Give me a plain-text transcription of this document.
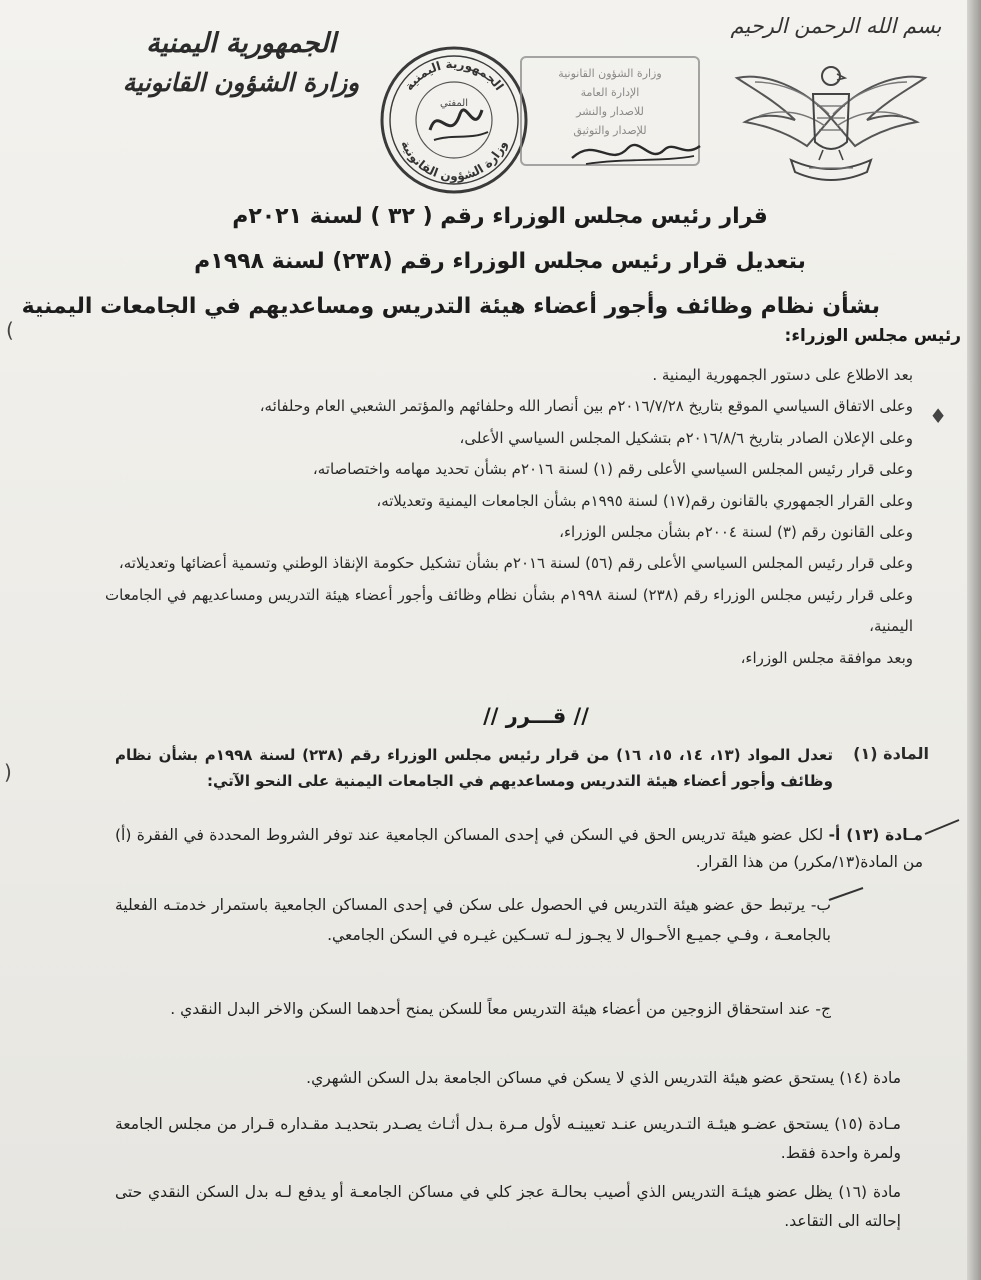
)
♦
(
بسم الله الرحمن الرحيم
الجمهورية اليمنية
وزارة الشؤون القانونية	الجمهورية اليمنية
وزارة الشؤون القانونية
المفتي
وزارة الشؤون القانونية
الإدارة العامة
للاصدار والنشر
للإصدار والتوثيق
قرار رئيس مجلس الوزراء رقم ( ٣٢ ) لسنة ٢٠٢١م
بتعديل قرار رئيس مجلس الوزراء رقم (٢٣٨) لسنة ١٩٩٨م
بشأن نظام وظائف وأجور أعضاء هيئة التدريس ومساعديهم في الجامعات اليمنية
رئيس مجلس الوزراء:

بعد الاطلاع على دستور الجمهورية اليمنية .

وعلى الاتفاق السياسي الموقع بتاريخ ٢٠١٦/٧/٢٨م بين أنصار الله وحلفائهم والمؤتمر الشعبي العام وحلفائه،

وعلى الإعلان الصادر بتاريخ ٢٠١٦/٨/٦م بتشكيل المجلس السياسي الأعلى،

وعلى قرار رئيس المجلس السياسي الأعلى رقم (١) لسنة ٢٠١٦م بشأن تحديد مهامه واختصاصاته،

وعلى القرار الجمهوري بالقانون رقم(١٧) لسنة ١٩٩٥م بشأن الجامعات اليمنية وتعديلاته،

وعلى القانون رقم (٣) لسنة ٢٠٠٤م بشأن مجلس الوزراء،

وعلى قرار رئيس المجلس السياسي الأعلى رقم (٥٦) لسنة ٢٠١٦م بشأن تشكيل حكومة الإنقاذ الوطني وتسمية أعضائها وتعديلاته،

وعلى قرار رئيس مجلس الوزراء رقم (٢٣٨) لسنة ١٩٩٨م بشأن نظام وظائف وأجور أعضاء هيئة التدريس ومساعديهم في الجامعات اليمنية،

وبعد موافقة مجلس الوزراء،

// قـــرر //
المادة (١)
تعدل المواد (١٣، ١٤، ١٥، ١٦) من قرار رئيس مجلس الوزراء رقم (٢٣٨) لسنة ١٩٩٨م بشأن نظام وظائف وأجور أعضاء هيئة التدريس ومساعديهم في الجامعات اليمنية على النحو الآتي:
مـادة (١٣) أ- لكل عضو هيئة تدريس الحق في السكن في إحدى المساكن الجامعية عند توفر الشروط المحددة في الفقرة (أ) من المادة(١٣/مكرر) من هذا القرار.
ب- يرتبط حق عضو هيئة التدريس في الحصول على سكن في إحدى المساكن الجامعية باستمرار خدمتـه الفعلية بالجامعـة ، وفـي جميـع الأحـوال لا يجـوز لـه تسـكين غيـره في السكن الجامعي.
ج- عند استحقاق الزوجين من أعضاء هيئة التدريس معاً للسكن يمنح أحدهما السكن والاخر البدل النقدي .
مادة (١٤) يستحق عضو هيئة التدريس الذي لا يسكن في مساكن الجامعة بدل السكن الشهري.
مـادة (١٥) يستحق عضـو هيئـة التـدريس عنـد تعيينـه لأول مـرة بـدل أثـاث يصـدر بتحديـد مقـداره قـرار من مجلس الجامعة ولمرة واحدة فقط.
مادة (١٦) يظل عضو هيئـة التدريس الذي أصيب بحالـة عجز كلي في مساكن الجامعـة أو يدفع لـه بدل السكن النقدي حتى إحالته الى التقاعد.
